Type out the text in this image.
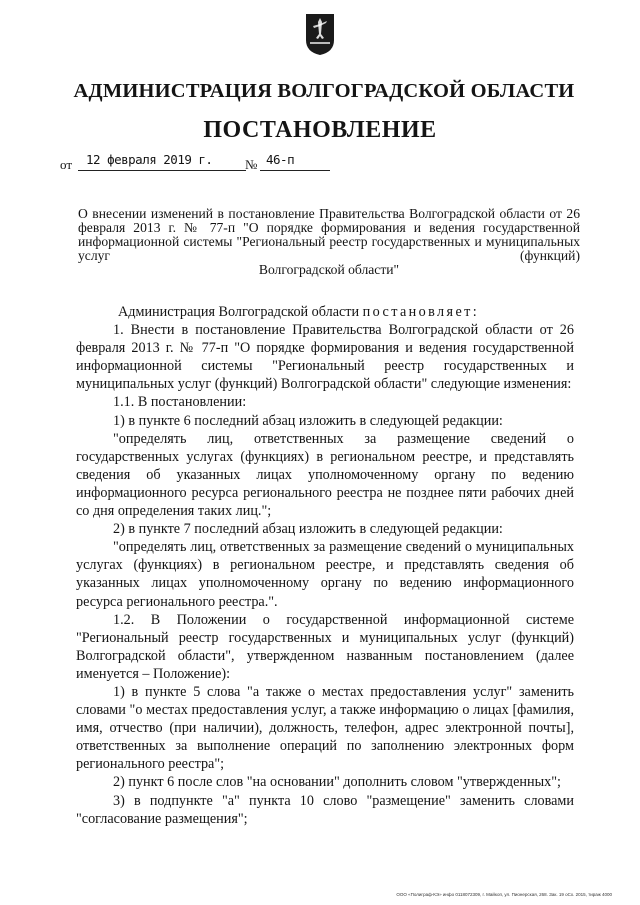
АДМИНИСТРАЦИЯ ВОЛГОГРАДСКОЙ ОБЛАСТИ
ПОСТАНОВЛЕНИЕ
от	12 февраля 2019 г.	№ 46-п
О внесении изменений в постановление Правительства Волгоградской области от 26 февраля 2013 г. № 77-п "О порядке формирования и ведения государственной информационной системы "Региональный реестр государственных и муниципальных услуг (функций)
Волгоградской области"

Администрация Волгоградской области постановляет:

1. Внести в постановление Правительства Волгоградской области от 26 февраля 2013 г. № 77-п "О порядке формирования и ведения государственной информационной системы "Региональный реестр государственных и муниципальных услуг (функций) Волгоградской области" следующие изменения:

1.1. В постановлении:

1) в пункте 6 последний абзац изложить в следующей редакции:

"определять лиц, ответственных за размещение сведений о государственных услугах (функциях) в региональном реестре, и представлять сведения об указанных лицах уполномоченному органу по ведению информационного ресурса регионального реестра не позднее пяти рабочих дней со дня определения таких лиц.";

2) в пункте 7 последний абзац изложить в следующей редакции:

"определять лиц, ответственных за размещение сведений о муниципальных услугах (функциях) в региональном реестре, и представлять сведения об указанных лицах уполномоченному органу по ведению информационного ресурса регионального реестра.".

1.2. В Положении о государственной информационной системе "Региональный реестр государственных и муниципальных услуг (функций) Волгоградской области", утвержденном названным постановлением (далее именуется – Положение):

1) в пункте 5 слова "а также о местах предоставления услуг" заменить словами "о местах предоставления услуг, а также информацию о лицах [фамилия, имя, отчество (при наличии), должность, телефон, адрес электронной почты], ответственных за выполнение операций по заполнению электронных форм регионального реестра";

2) пункт 6 после слов "на основании" дополнить словом "утвержденных";

3) в подпункте "а" пункта 10 слово "размещение" заменить словами "согласование размещения";

ООО «Полиграф-КЭ» инфо 0118072309, г. Майкоп, ул. Пионерская, 268. Зак. 19 оСх. 2015, тираж 4000
